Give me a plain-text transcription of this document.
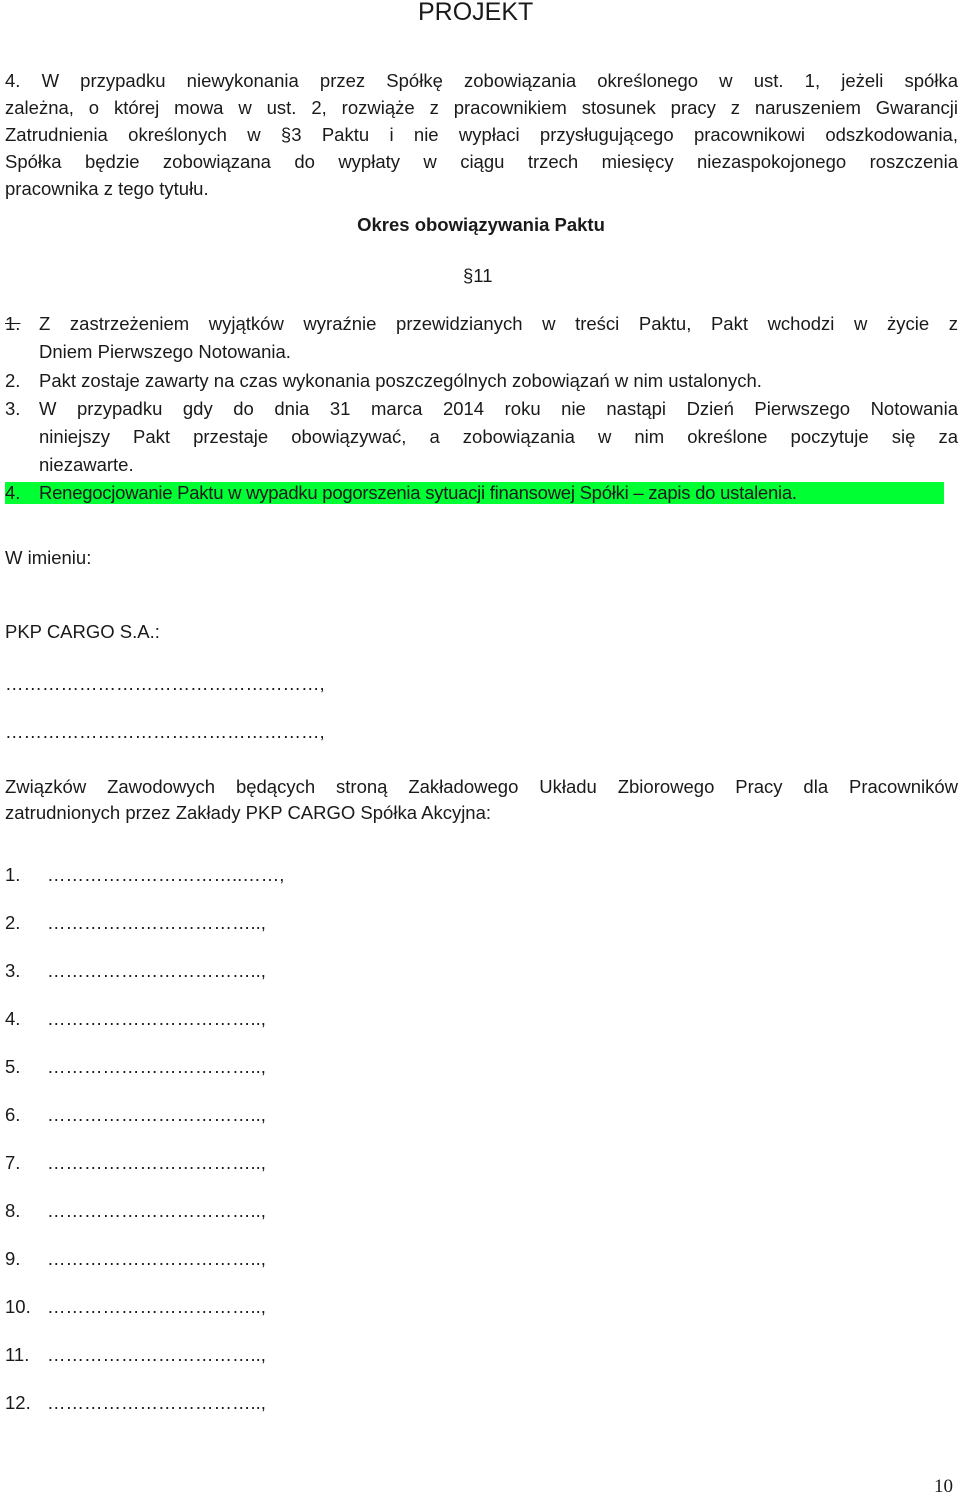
PROJEKT
4. W przypadku niewykonania przez Spółkę zobowiązania określonego w ust. 1, jeżeli spółka
zależna, o której mowa w ust. 2, rozwiąże z pracownikiem stosunek pracy z naruszeniem Gwarancji
Zatrudnienia określonych w §3 Paktu i nie wypłaci przysługującego pracownikowi odszkodowania,
Spółka będzie zobowiązana do wypłaty w ciągu trzech miesięcy niezaspokojonego roszczenia
pracownika z tego tytułu.
Okres obowiązywania Paktu
§11
1. Z zastrzeżeniem wyjątków wyraźnie przewidzianych w treści Paktu, Pakt wchodzi w życie z
Dniem Pierwszego Notowania.
2. Pakt zostaje zawarty na czas wykonania poszczególnych zobowiązań w nim ustalonych.
3. W przypadku gdy do dnia 31 marca 2014 roku nie nastąpi Dzień Pierwszego Notowania
niniejszy Pakt przestaje obowiązywać, a zobowiązania w nim określone poczytuje się za
niezawarte.
4.	Renegocjowanie Paktu w wypadku pogorszenia sytuacji finansowej Spółki – zapis do ustalenia.
W imieniu:
PKP CARGO S.A.:
……………………………………………,
……………………………………………,
Związków Zawodowych będących stroną Zakładowego Układu Zbiorowego Pracy dla Pracowników
zatrudnionych przez Zakłady PKP CARGO Spółka Akcyjna:
1. …………………………..……,
2. ……………………………..,
3. ……………………………..,
4. ……………………………..,
5. ……………………………..,
6. ……………………………..,
7. ……………………………..,
8. ……………………………..,
9. ……………………………..,
10. ……………………………..,
11. ……………………………..,
12. ……………………………..,
10
